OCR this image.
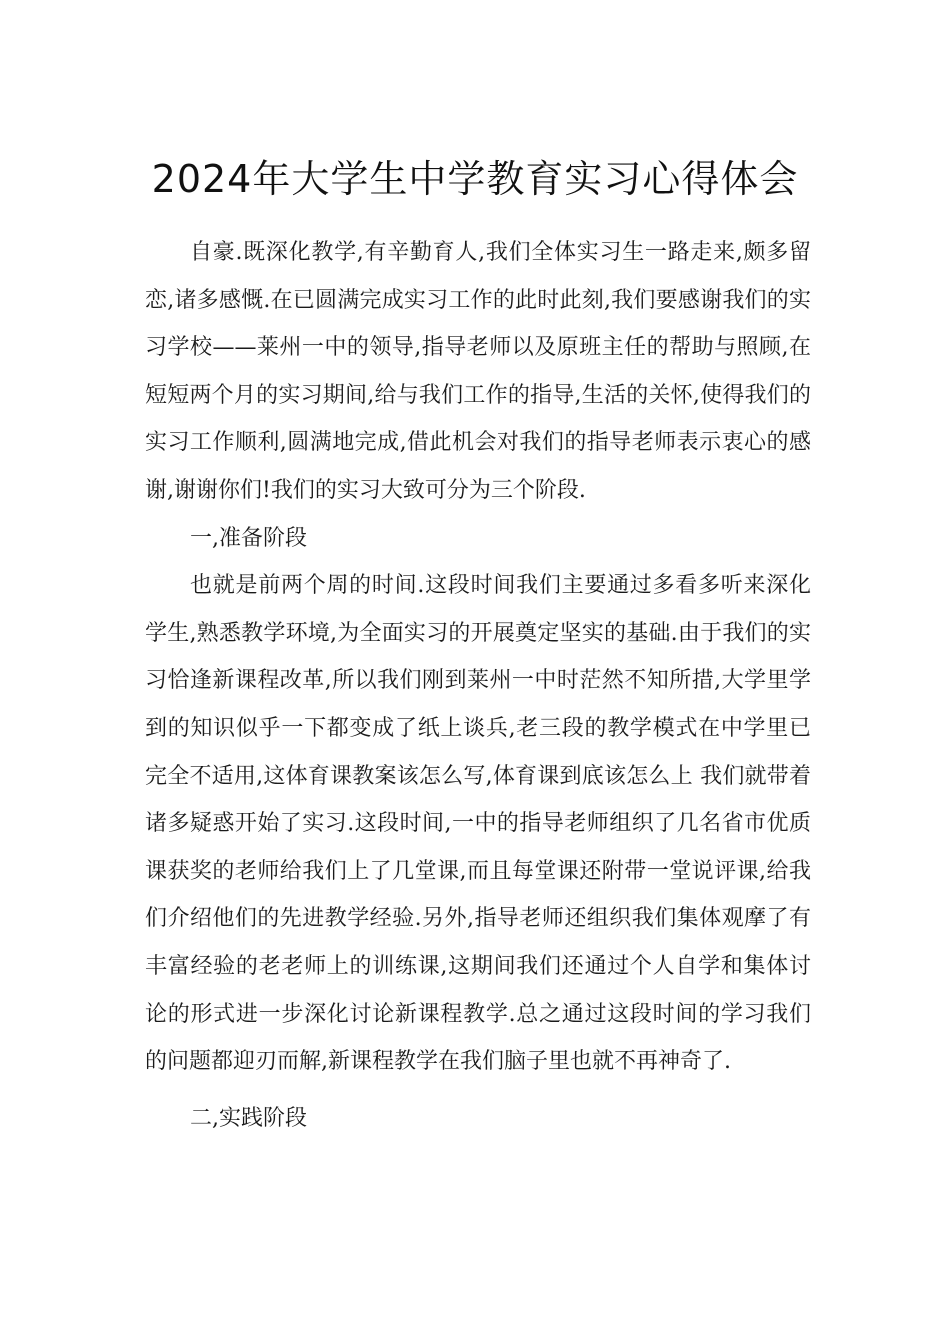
2024年大学生中学教育实习心得体会

自豪.既深化教学,有辛勤育人,我们全体实习生一路走来,颇多留恋,诸多感慨.在已圆满完成实习工作的此时此刻,我们要感谢我们的实习学校——莱州一中的领导,指导老师以及原班主任的帮助与照顾,在短短两个月的实习期间,给与我们工作的指导,生活的关怀,使得我们的实习工作顺利,圆满地完成,借此机会对我们的指导老师表示衷心的感谢,谢谢你们!我们的实习大致可分为三个阶段.

一,准备阶段

也就是前两个周的时间.这段时间我们主要通过多看多听来深化学生,熟悉教学环境,为全面实习的开展奠定坚实的基础.由于我们的实习恰逢新课程改革,所以我们刚到莱州一中时茫然不知所措,大学里学到的知识似乎一下都变成了纸上谈兵,老三段的教学模式在中学里已完全不适用,这体育课教案该怎么写,体育课到底该怎么上 我们就带着诸多疑惑开始了实习.这段时间,一中的指导老师组织了几名省市优质课获奖的老师给我们上了几堂课,而且每堂课还附带一堂说评课,给我们介绍他们的先进教学经验.另外,指导老师还组织我们集体观摩了有丰富经验的老老师上的训练课,这期间我们还通过个人自学和集体讨论的形式进一步深化讨论新课程教学.总之通过这段时间的学习我们的问题都迎刃而解,新课程教学在我们脑子里也就不再神奇了.

二,实践阶段
